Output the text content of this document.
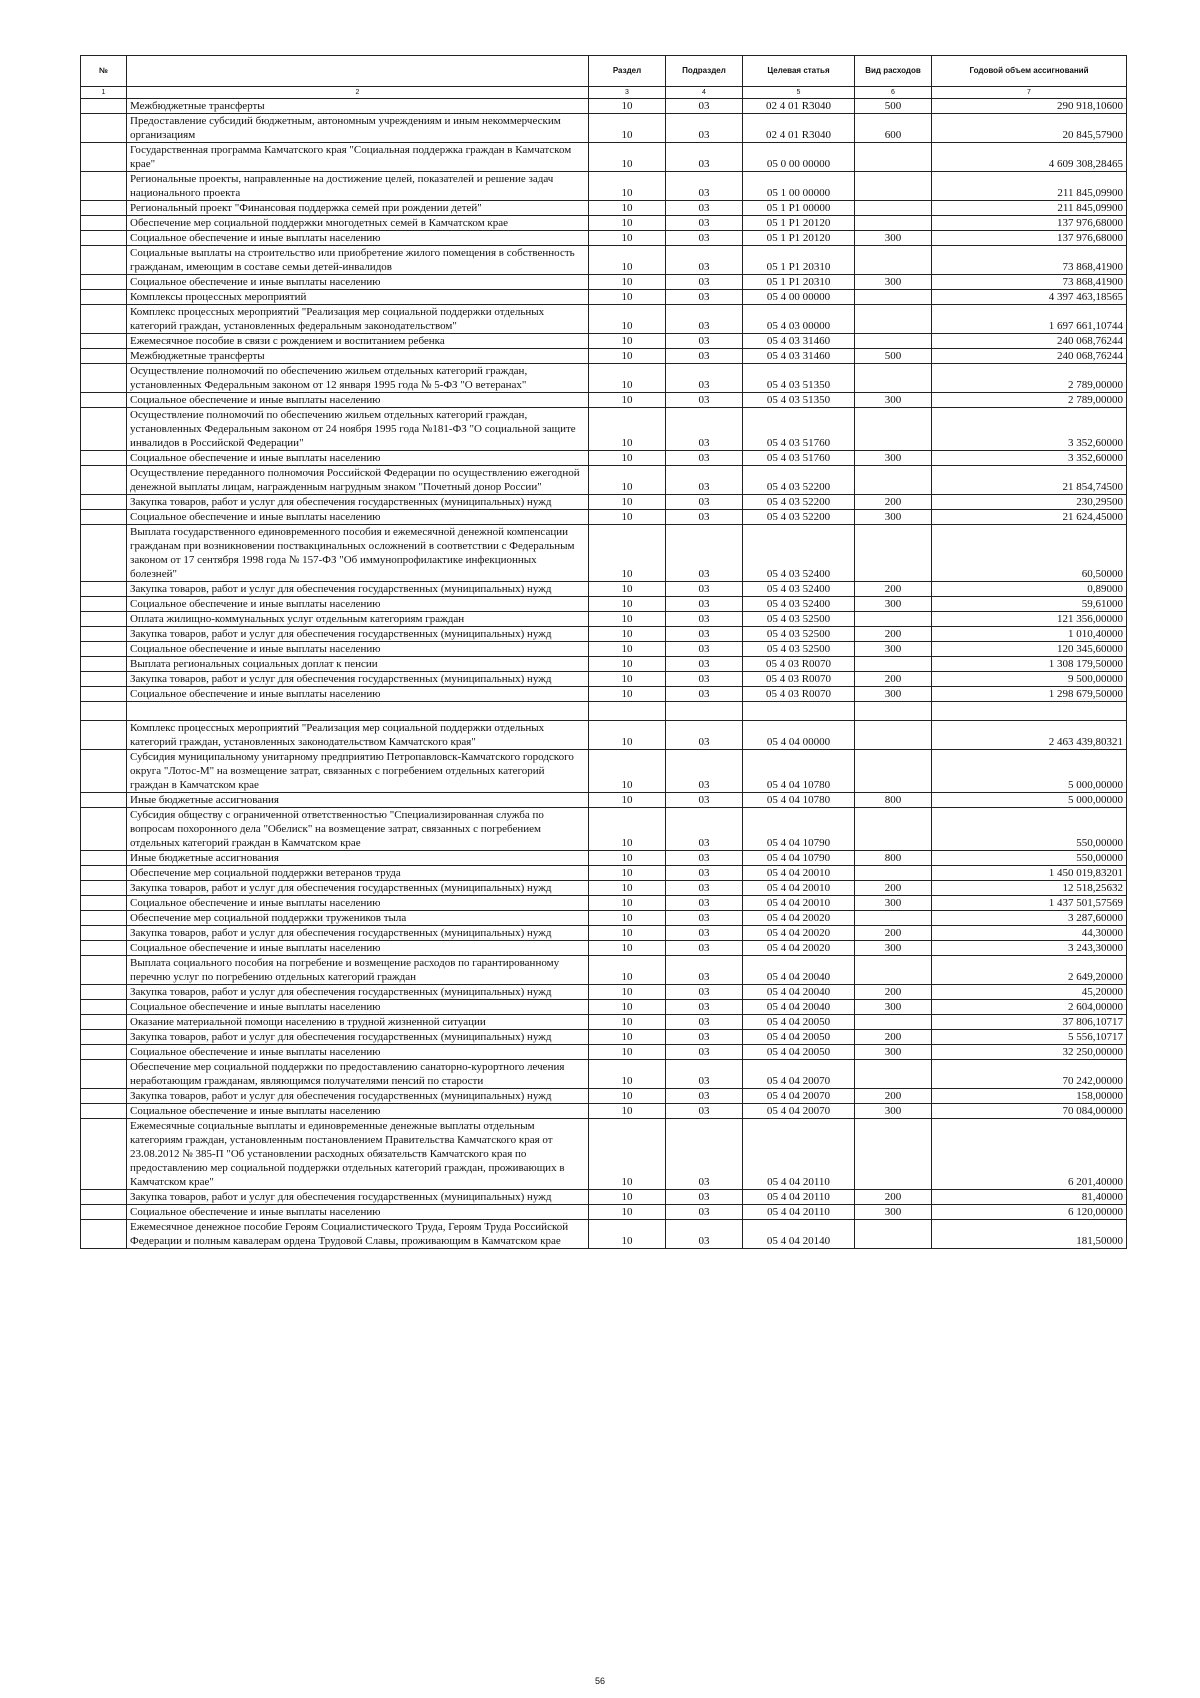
№		Раздел	Подраздел	Целевая статья	Вид расходов	Годовой объем ассигнований
1	2	3	4	5	6	7
	Межбюджетные трансферты	10	03	02 4 01 R3040	500	290 918,10600
	Предоставление субсидий бюджетным, автономным учреждениям и иным некоммерческим организациям	10	03	02 4 01 R3040	600	20 845,57900
	Государственная программа Камчатского края "Социальная поддержка граждан в Камчатском крае"	10	03	05 0 00 00000		4 609 308,28465
	Региональные проекты, направленные на достижение целей, показателей и решение задач национального проекта	10	03	05 1 00 00000		211 845,09900
	Региональный проект "Финансовая поддержка семей при рождении детей"	10	03	05 1 P1 00000		211 845,09900
	Обеспечение мер социальной поддержки многодетных семей в Камчатском крае	10	03	05 1 P1 20120		137 976,68000
	Социальное обеспечение и иные выплаты населению	10	03	05 1 P1 20120	300	137 976,68000
	Социальные выплаты на строительство или приобретение жилого помещения в собственность гражданам, имеющим в составе семьи детей-инвалидов	10	03	05 1 P1 20310		73 868,41900
	Социальное обеспечение и иные выплаты населению	10	03	05 1 P1 20310	300	73 868,41900
	Комплексы процессных мероприятий	10	03	05 4 00 00000		4 397 463,18565
	Комплекс процессных мероприятий "Реализация мер социальной поддержки отдельных категорий граждан, установленных федеральным законодательством"	10	03	05 4 03 00000		1 697 661,10744
	Ежемесячное пособие в связи с рождением и воспитанием ребенка	10	03	05 4 03 31460		240 068,76244
	Межбюджетные трансферты	10	03	05 4 03 31460	500	240 068,76244
	Осуществление полномочий по обеспечению жильем отдельных категорий граждан, установленных Федеральным законом от 12 января 1995 года № 5-ФЗ "О ветеранах"	10	03	05 4 03 51350		2 789,00000
	Социальное обеспечение и иные выплаты населению	10	03	05 4 03 51350	300	2 789,00000
	Осуществление полномочий по обеспечению жильем отдельных категорий граждан, установленных Федеральным законом от 24 ноября 1995 года №181-ФЗ "О социальной защите инвалидов в Российской Федерации"	10	03	05 4 03 51760		3 352,60000
	Социальное обеспечение и иные выплаты населению	10	03	05 4 03 51760	300	3 352,60000
	Осуществление переданного полномочия Российской Федерации по осуществлению ежегодной денежной выплаты лицам, награжденным нагрудным знаком "Почетный донор России"	10	03	05 4 03 52200		21 854,74500
	Закупка товаров, работ и услуг для обеспечения государственных (муниципальных) нужд	10	03	05 4 03 52200	200	230,29500
	Социальное обеспечение и иные выплаты населению	10	03	05 4 03 52200	300	21 624,45000
	Выплата государственного единовременного пособия и ежемесячной денежной компенсации гражданам при возникновении поствакцинальных осложнений в соответствии с Федеральным законом от 17 сентября 1998 года № 157-ФЗ "Об иммунопрофилактике инфекционных болезней"	10	03	05 4 03 52400		60,50000
	Закупка товаров, работ и услуг для обеспечения государственных (муниципальных) нужд	10	03	05 4 03 52400	200	0,89000
	Социальное обеспечение и иные выплаты населению	10	03	05 4 03 52400	300	59,61000
	Оплата жилищно-коммунальных услуг отдельным категориям граждан	10	03	05 4 03 52500		121 356,00000
	Закупка товаров, работ и услуг для обеспечения государственных (муниципальных) нужд	10	03	05 4 03 52500	200	1 010,40000
	Социальное обеспечение и иные выплаты населению	10	03	05 4 03 52500	300	120 345,60000
	Выплата региональных социальных доплат к пенсии	10	03	05 4 03 R0070		1 308 179,50000
	Закупка товаров, работ и услуг для обеспечения государственных (муниципальных) нужд	10	03	05 4 03 R0070	200	9 500,00000
	Социальное обеспечение и иные выплаты населению	10	03	05 4 03 R0070	300	1 298 679,50000

	Комплекс процессных мероприятий "Реализация мер социальной поддержки отдельных категорий граждан, установленных законодательством Камчатского края"	10	03	05 4 04 00000		2 463 439,80321
	Субсидия муниципальному унитарному предприятию Петропавловск-Камчатского городского округа "Лотос-М" на возмещение затрат, связанных с погребением отдельных категорий граждан в Камчатском крае	10	03	05 4 04 10780		5 000,00000
	Иные бюджетные ассигнования	10	03	05 4 04 10780	800	5 000,00000
	Субсидия обществу с ограниченной ответственностью "Специализированная служба по вопросам похоронного дела "Обелиск" на возмещение затрат, связанных с погребением отдельных категорий граждан в Камчатском крае	10	03	05 4 04 10790		550,00000
	Иные бюджетные ассигнования	10	03	05 4 04 10790	800	550,00000
	Обеспечение мер социальной поддержки ветеранов труда	10	03	05 4 04 20010		1 450 019,83201
	Закупка товаров, работ и услуг для обеспечения государственных (муниципальных) нужд	10	03	05 4 04 20010	200	12 518,25632
	Социальное обеспечение и иные выплаты населению	10	03	05 4 04 20010	300	1 437 501,57569
	Обеспечение мер социальной поддержки тружеников тыла	10	03	05 4 04 20020		3 287,60000
	Закупка товаров, работ и услуг для обеспечения государственных (муниципальных) нужд	10	03	05 4 04 20020	200	44,30000
	Социальное обеспечение и иные выплаты населению	10	03	05 4 04 20020	300	3 243,30000
	Выплата социального пособия на погребение и возмещение расходов по гарантированному перечню услуг по погребению отдельных категорий граждан	10	03	05 4 04 20040		2 649,20000
	Закупка товаров, работ и услуг для обеспечения государственных (муниципальных) нужд	10	03	05 4 04 20040	200	45,20000
	Социальное обеспечение и иные выплаты населению	10	03	05 4 04 20040	300	2 604,00000
	Оказание материальной помощи населению в трудной жизненной ситуации	10	03	05 4 04 20050		37 806,10717
	Закупка товаров, работ и услуг для обеспечения государственных (муниципальных) нужд	10	03	05 4 04 20050	200	5 556,10717
	Социальное обеспечение и иные выплаты населению	10	03	05 4 04 20050	300	32 250,00000
	Обеспечение мер социальной поддержки по предоставлению санаторно-курортного лечения неработающим гражданам, являющимся получателями пенсий по старости	10	03	05 4 04 20070		70 242,00000
	Закупка товаров, работ и услуг для обеспечения государственных (муниципальных) нужд	10	03	05 4 04 20070	200	158,00000
	Социальное обеспечение и иные выплаты населению	10	03	05 4 04 20070	300	70 084,00000
	Ежемесячные социальные выплаты и единовременные денежные выплаты отдельным категориям граждан, установленным постановлением Правительства Камчатского края от 23.08.2012 № 385-П "Об установлении расходных обязательств Камчатского края по предоставлению мер социальной поддержки отдельных категорий граждан, проживающих в Камчатском крае"	10	03	05 4 04 20110		6 201,40000
	Закупка товаров, работ и услуг для обеспечения государственных (муниципальных) нужд	10	03	05 4 04 20110	200	81,40000
	Социальное обеспечение и иные выплаты населению	10	03	05 4 04 20110	300	6 120,00000
	Ежемесячное денежное пособие Героям Социалистического Труда, Героям Труда Российской Федерации и полным кавалерам ордена Трудовой Славы, проживающим в Камчатском крае	10	03	05 4 04 20140		181,50000
56
